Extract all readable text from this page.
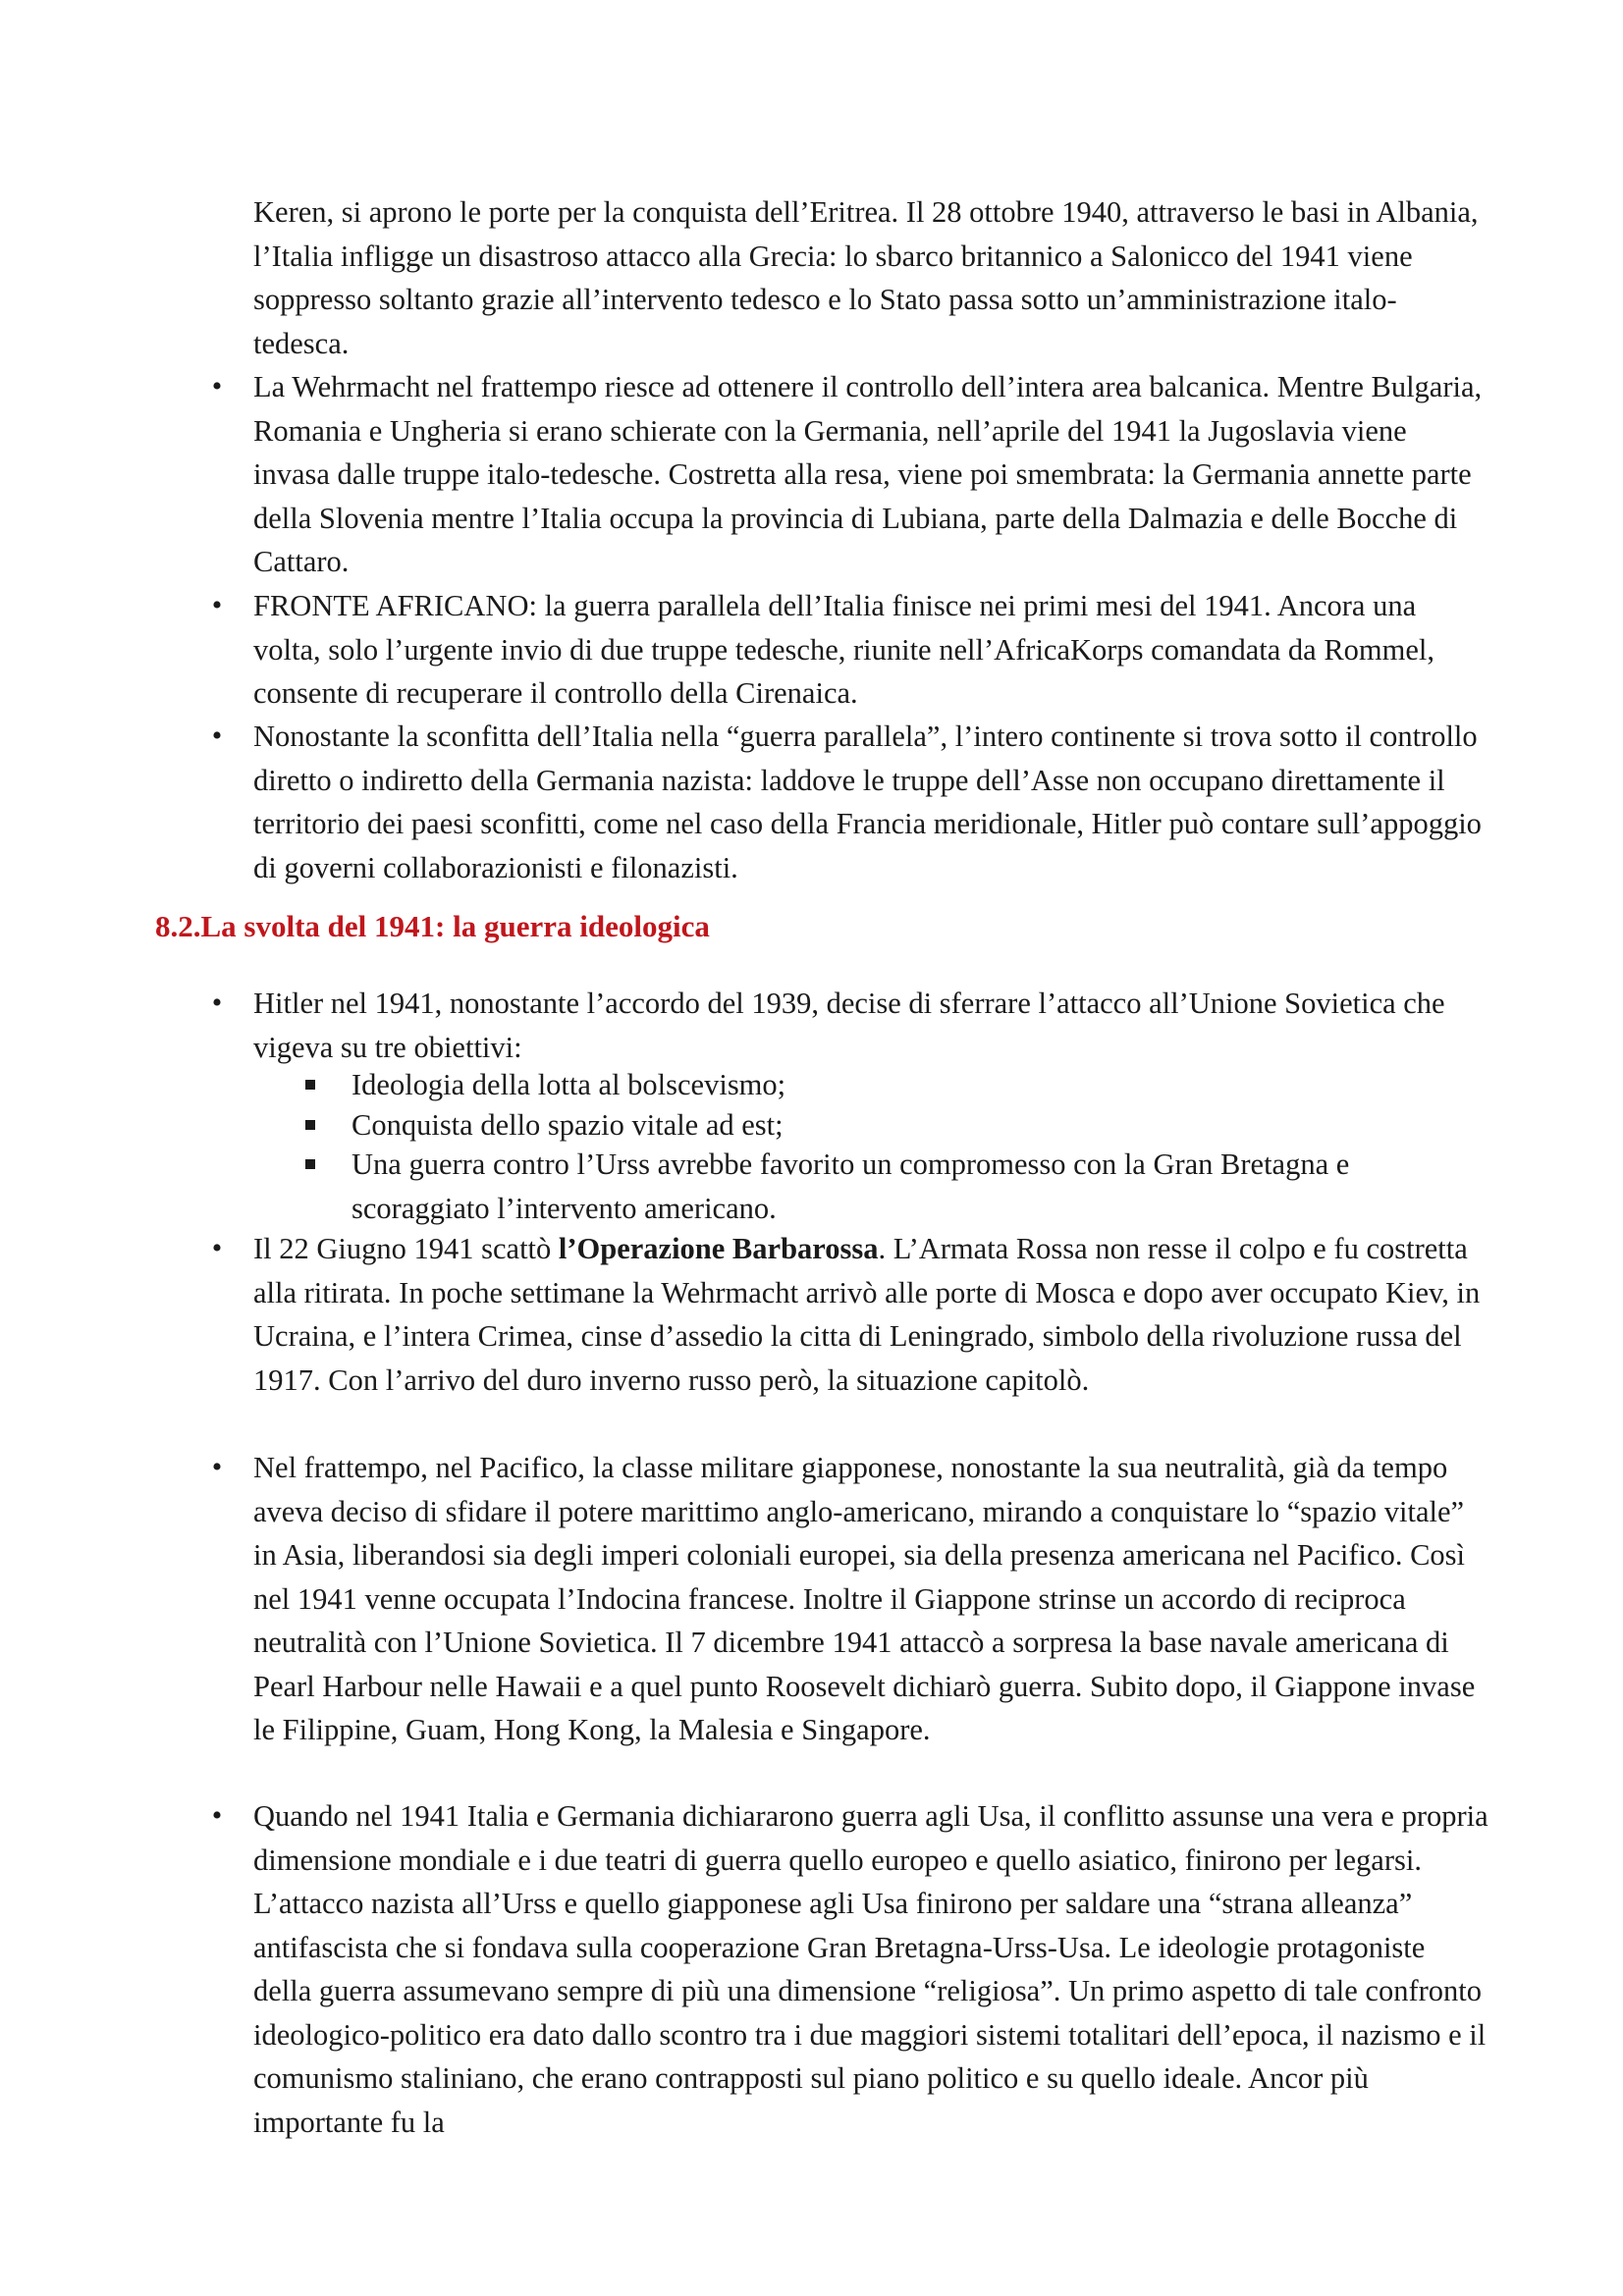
Keren, si aprono le porte per la conquista dell’Eritrea. Il 28 ottobre 1940, attraverso le basi in Albania, l’Italia infligge un disastroso attacco alla Grecia: lo sbarco britannico a Salonicco del 1941 viene soppresso soltanto grazie all’intervento tedesco e lo Stato passa sotto un’amministrazione italo-tedesca.
•	La Wehrmacht nel frattempo riesce ad ottenere il controllo dell’intera area balcanica. Mentre Bulgaria, Romania e Ungheria si erano schierate con la Germania, nell’aprile del 1941 la Jugoslavia viene invasa dalle truppe italo-tedesche. Costretta alla resa, viene poi smembrata: la Germania annette parte della Slovenia mentre l’Italia occupa la provincia di Lubiana, parte della Dalmazia e delle Bocche di Cattaro.
•	FRONTE AFRICANO: la guerra parallela dell’Italia finisce nei primi mesi del 1941. Ancora una volta, solo l’urgente invio di due truppe tedesche, riunite nell’AfricaKorps comandata da Rommel, consente di recuperare il controllo della Cirenaica.
•	Nonostante la sconfitta dell’Italia nella “guerra parallela”, l’intero continente si trova sotto il controllo diretto o indiretto della Germania nazista: laddove le truppe dell’Asse non occupano direttamente il territorio dei paesi sconfitti, come nel caso della Francia meridionale, Hitler può contare sull’appoggio di governi collaborazionisti e filonazisti.
8.2.La svolta del 1941: la guerra ideologica
•	Hitler nel 1941, nonostante l’accordo del 1939, decise di sferrare l’attacco all’Unione Sovietica che vigeva su tre obiettivi:
Ideologia della lotta al bolscevismo;
Conquista dello spazio vitale ad est;
Una guerra contro l’Urss avrebbe favorito un compromesso con la Gran Bretagna e scoraggiato l’intervento americano.
•	Il 22 Giugno 1941 scattò l’Operazione Barbarossa. L’Armata Rossa non resse il colpo e fu costretta alla ritirata. In poche settimane la Wehrmacht arrivò alle porte di Mosca e dopo aver occupato Kiev, in Ucraina, e l’intera Crimea, cinse d’assedio la citta di Leningrado, simbolo della rivoluzione russa del 1917. Con l’arrivo del duro inverno russo però, la situazione capitolò.
•	Nel frattempo, nel Pacifico, la classe militare giapponese, nonostante la sua neutralità, già da tempo aveva deciso di sfidare il potere marittimo anglo-americano, mirando a conquistare lo “spazio vitale” in Asia, liberandosi sia degli imperi coloniali europei, sia della presenza americana nel Pacifico. Così nel 1941 venne occupata l’Indocina francese. Inoltre il Giappone strinse un accordo di reciproca neutralità con l’Unione Sovietica. Il 7 dicembre 1941 attaccò a sorpresa la base navale americana di Pearl Harbour nelle Hawaii e a quel punto Roosevelt dichiarò guerra. Subito dopo, il Giappone invase le Filippine, Guam, Hong Kong, la Malesia e Singapore.
•	Quando nel 1941 Italia e Germania dichiararono guerra agli Usa, il conflitto assunse una vera e propria dimensione mondiale e i due teatri di guerra quello europeo e quello asiatico, finirono per legarsi. L’attacco nazista all’Urss e quello giapponese agli Usa finirono per saldare una “strana alleanza” antifascista che si fondava sulla cooperazione Gran Bretagna-Urss-Usa. Le ideologie protagoniste della guerra assumevano sempre di più una dimensione “religiosa”. Un primo aspetto di tale confronto ideologico-politico era dato dallo scontro tra i due maggiori sistemi totalitari dell’epoca, il nazismo e il comunismo staliniano, che erano contrapposti sul piano politico e su quello ideale. Ancor più importante fu la
